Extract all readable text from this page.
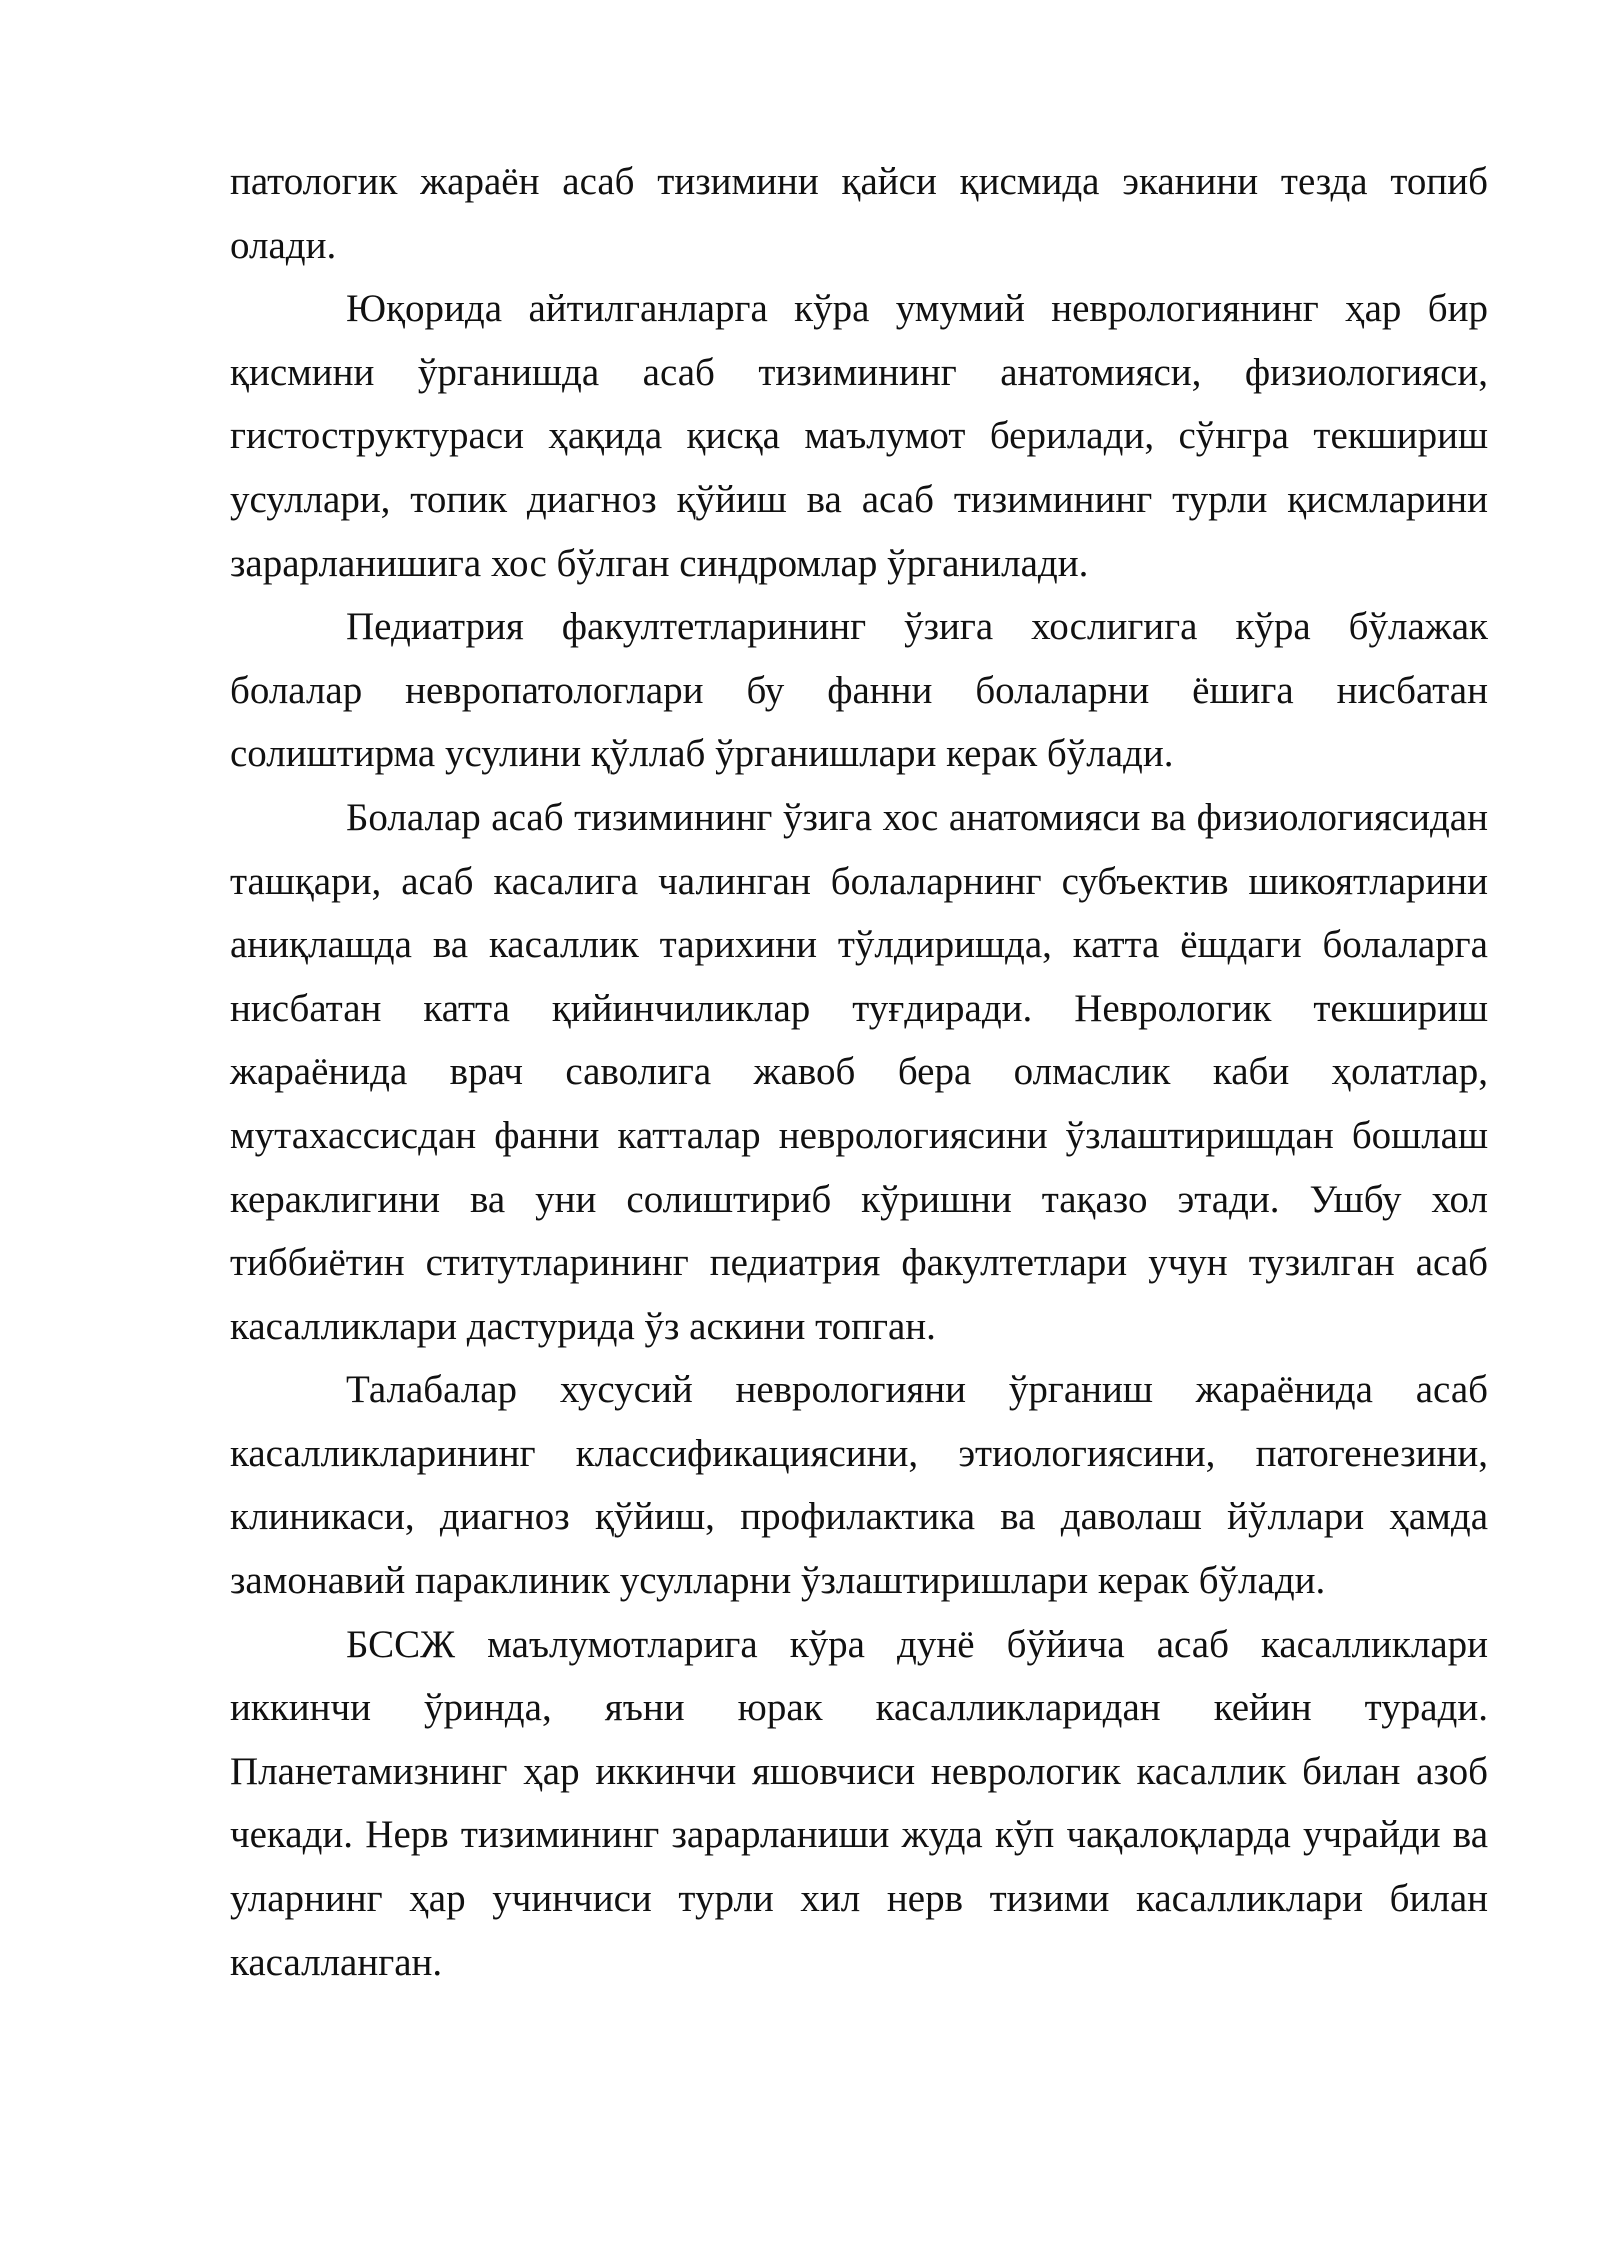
патологик жараён асаб тизимини қайси қисмида эканини тезда топиб олади.

Юқорида айтилганларга кўра умумий неврологиянинг ҳар бир қисмини ўрганишда асаб тизимининг анатомияси, физиологияси, гистоструктураси ҳақида қисқа маълумот берилади, сўнгра текшириш усуллари, топик диагноз қўйиш ва асаб тизимининг турли қисмларини зарарланишига хос бўлган синдромлар ўрганилади.

Педиатрия факултетларининг ўзига хослигига кўра бўлажак болалар невропатологлари бу фанни болаларни ёшига нисбатан солиштирма усулини қўллаб ўрганишлари керак бўлади.

Болалар асаб тизимининг ўзига хос анатомияси ва физиологиясидан ташқари, асаб касалига чалинган болаларнинг субъектив шикоятларини аниқлашда ва касаллик тарихини тўлдиришда, катта ёшдаги болаларга нисбатан катта қийинчиликлар туғдиради. Неврологик текшириш жараёнида врач саволига жавоб бера олмаслик каби ҳолатлар, мутахассисдан фанни катталар неврологиясини ўзлаштиришдан бошлаш кераклигини ва уни солиштириб кўришни тақазо этади. Ушбу хол тиббиётин ститутларининг педиатрия факултетлари учун тузилган асаб касалликлари дастурида ўз аскини топган.

Талабалар хусусий неврологияни ўрганиш жараёнида асаб касалликларининг классификациясини, этиологиясини, патогенезини, клиникаси, диагноз қўйиш, профилактика ва даволаш йўллари ҳамда замонавий параклиник усулларни ўзлаштиришлари керак бўлади.

БССЖ маълумотларига кўра дунё бўйича асаб касалликлари иккинчи ўринда, яъни юрак касалликларидан кейин туради. Планетамизнинг ҳар иккинчи яшовчиси неврологик касаллик билан азоб чекади. Нерв тизимининг зарарланиши жуда кўп чақалоқларда учрайди ва уларнинг ҳар учинчиси турли хил нерв тизими касалликлари билан касалланган.
